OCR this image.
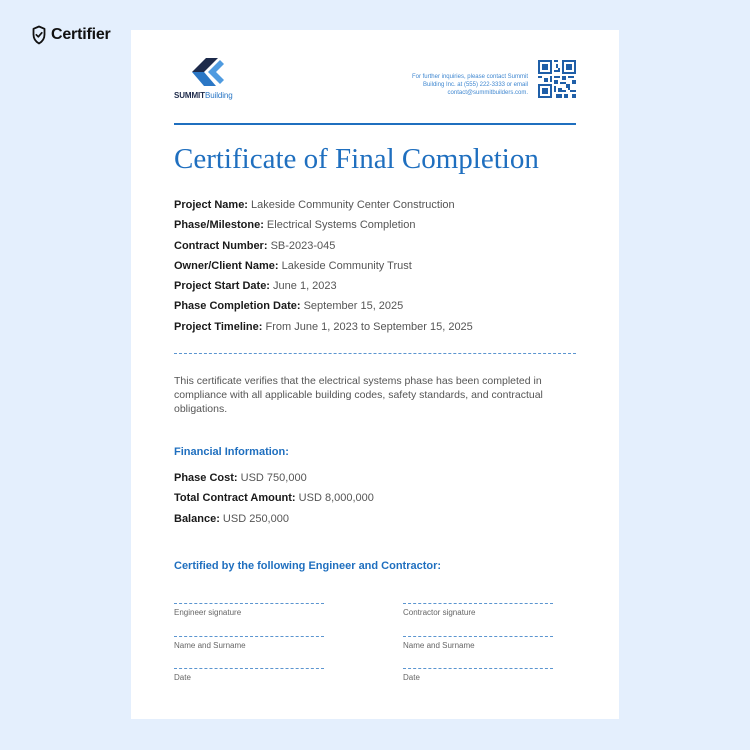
Certifier
SUMMITBuilding
For further inquiries, please contact Summit
Building Inc. at (555) 222-3333 or email
contact@summitbuilders.com.
Certificate of Final Completion
Project Name: Lakeside Community Center Construction
Phase/Milestone: Electrical Systems Completion
Contract Number: SB-2023-045
Owner/Client Name: Lakeside Community Trust
Project Start Date: June 1, 2023
Phase Completion Date: September 15, 2025
Project Timeline: From June 1, 2023 to September 15, 2025

This certificate verifies that the electrical systems phase has been completed in compliance with all applicable building codes, safety standards, and contractual obligations.

Financial Information:
Phase Cost: USD 750,000
Total Contract Amount: USD 8,000,000
Balance: USD 250,000
Certified by the following Engineer and Contractor:
Engineer signature
Name and Surname
Date
Contractor signature
Name and Surname
Date
